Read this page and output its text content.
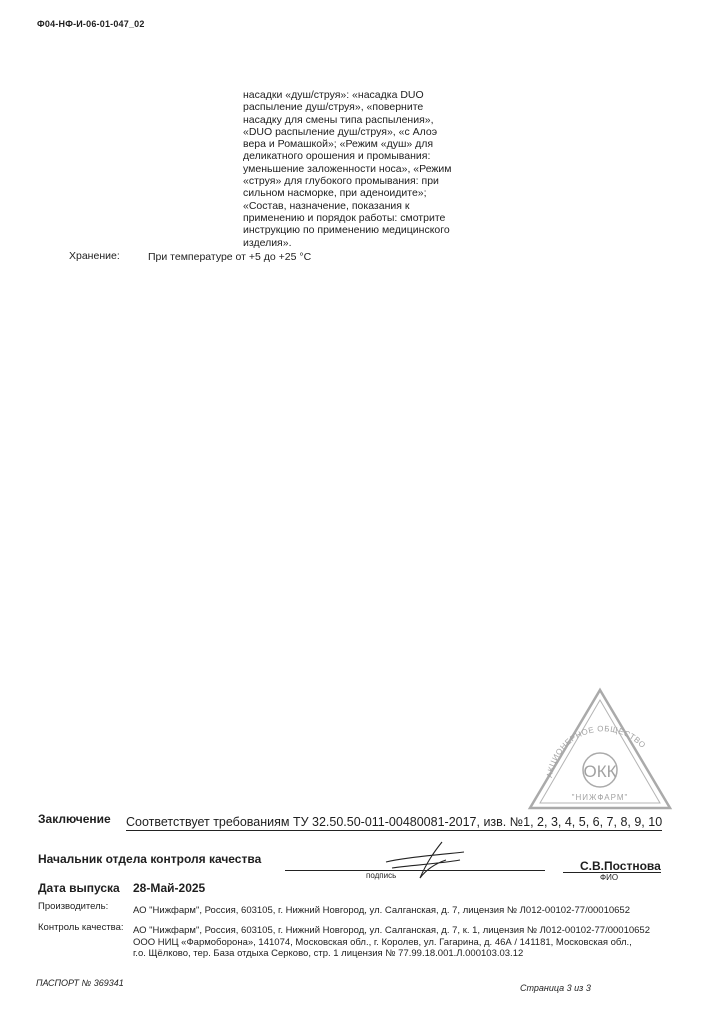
Ф04-НФ-И-06-01-047_02
насадки «душ/струя»: «насадка DUO
распыление душ/струя», «поверните
насадку для смены типа распыления»,
«DUO распыление душ/струя», «с Алоэ
вера и Ромашкой»; «Режим «душ» для
деликатного орошения и промывания:
уменьшение заложенности носа», «Режим
«струя» для глубокого промывания: при
сильном насморке, при аденоидите»;
«Состав, назначение, показания к
применению и порядок работы: смотрите
инструкцию по применению медицинского
изделия».
Хранение:	При температуре от +5 до +25 °С
АКЦИОНЕРНОЕ ОБЩЕСТВО
ОКК
"НИЖФАРМ"
Заключение Соответствует требованиям ТУ 32.50.50-011-00480081-2017, изв. №1, 2, 3, 4, 5, 6, 7, 8, 9, 10
Начальник отдела контроля качества
подпись
С.В.Постнова
ФИО
Дата выпуска 28-Май-2025
Производитель:	АО "Нижфарм", Россия, 603105, г. Нижний Новгород, ул. Салганская, д. 7, лицензия № Л012-00102-77/00010652
Контроль качества: АО "Нижфарм", Россия, 603105, г. Нижний Новгород, ул. Салганская, д. 7, к. 1, лицензия № Л012-00102-77/00010652
ООО НИЦ «Фармоборона», 141074, Московская обл., г. Королев, ул. Гагарина, д. 46А / 141181, Московская обл.,
г.о. Щёлково, тер. База отдыха Серково, стр. 1 лицензия № 77.99.18.001.Л.000103.03.12
ПАСПОРТ № 369341	Страница 3 из 3
